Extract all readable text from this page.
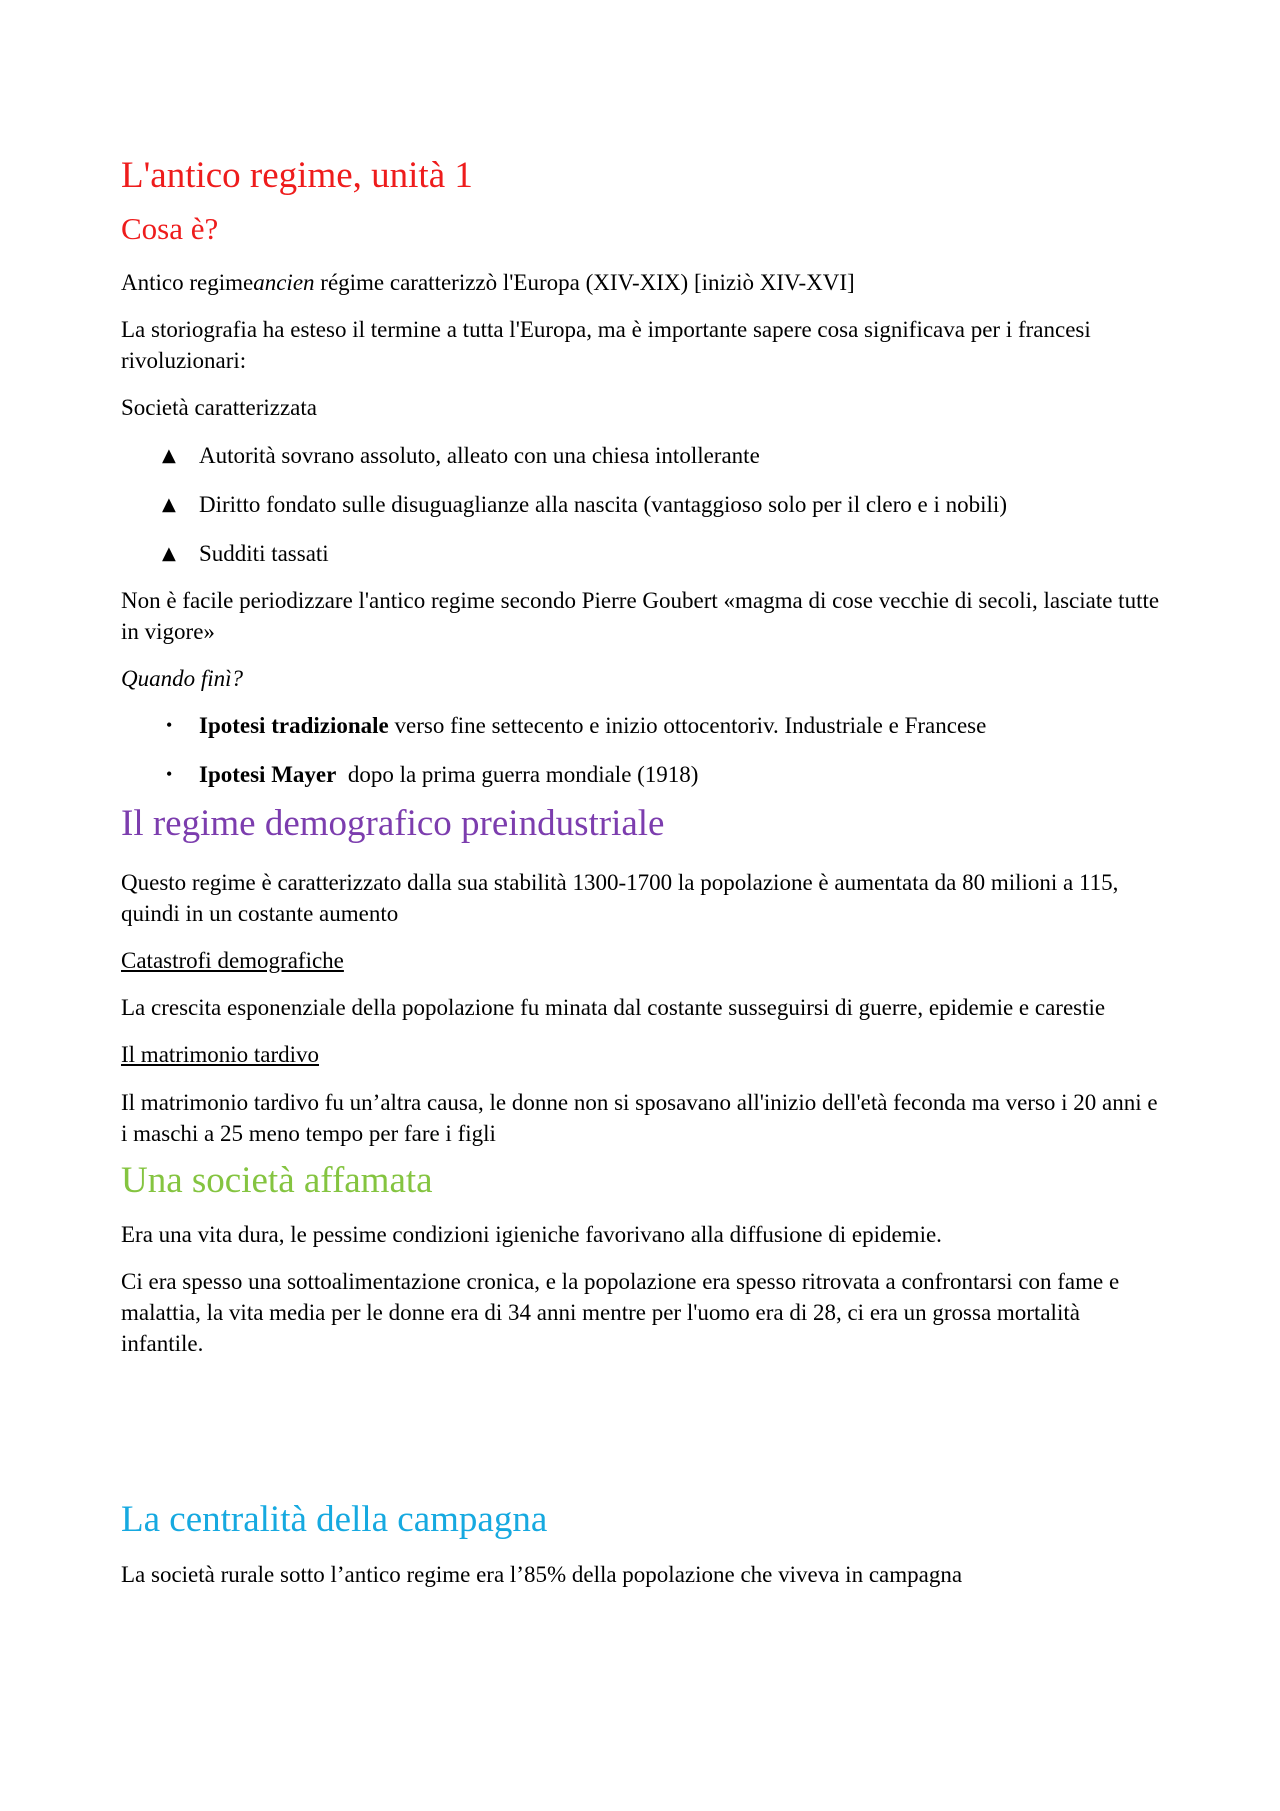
L'antico regime, unità 1
Cosa è?

Antico regimeancien régime caratterizzò l'Europa (XIV-XIX) [iniziò XIV-XVI]

La storiografia ha esteso il termine a tutta l'Europa, ma è importante sapere cosa significava per i francesi rivoluzionari:

Società caratterizzata

▲ Autorità sovrano assoluto, alleato con una chiesa intollerante
▲ Diritto fondato sulle disuguaglianze alla nascita (vantaggioso solo per il clero e i nobili)
▲ Sudditi tassati

Non è facile periodizzare l'antico regime secondo Pierre Goubert «magma di cose vecchie di secoli, lasciate tutte in vigore»

Quando finì?

• Ipotesi tradizionale verso fine settecento e inizio ottocentoriv. Industriale e Francese
• Ipotesi Mayer  dopo la prima guerra mondiale (1918)
Il regime demografico preindustriale

Questo regime è caratterizzato dalla sua stabilità 1300-1700 la popolazione è aumentata da 80 milioni a 115, quindi in un costante aumento

Catastrofi demografiche

La crescita esponenziale della popolazione fu minata dal costante susseguirsi di guerre, epidemie e carestie

Il matrimonio tardivo

Il matrimonio tardivo fu un’altra causa, le donne non si sposavano all'inizio dell'età feconda ma verso i 20 anni e i maschi a 25 meno tempo per fare i figli

Una società affamata

Era una vita dura, le pessime condizioni igieniche favorivano alla diffusione di epidemie.

Ci era spesso una sottoalimentazione cronica, e la popolazione era spesso ritrovata a confrontarsi con fame e malattia, la vita media per le donne era di 34 anni mentre per l'uomo era di 28, ci era un grossa mortalità infantile.

La centralità della campagna

La società rurale sotto l’antico regime era l’85% della popolazione che viveva in campagna
